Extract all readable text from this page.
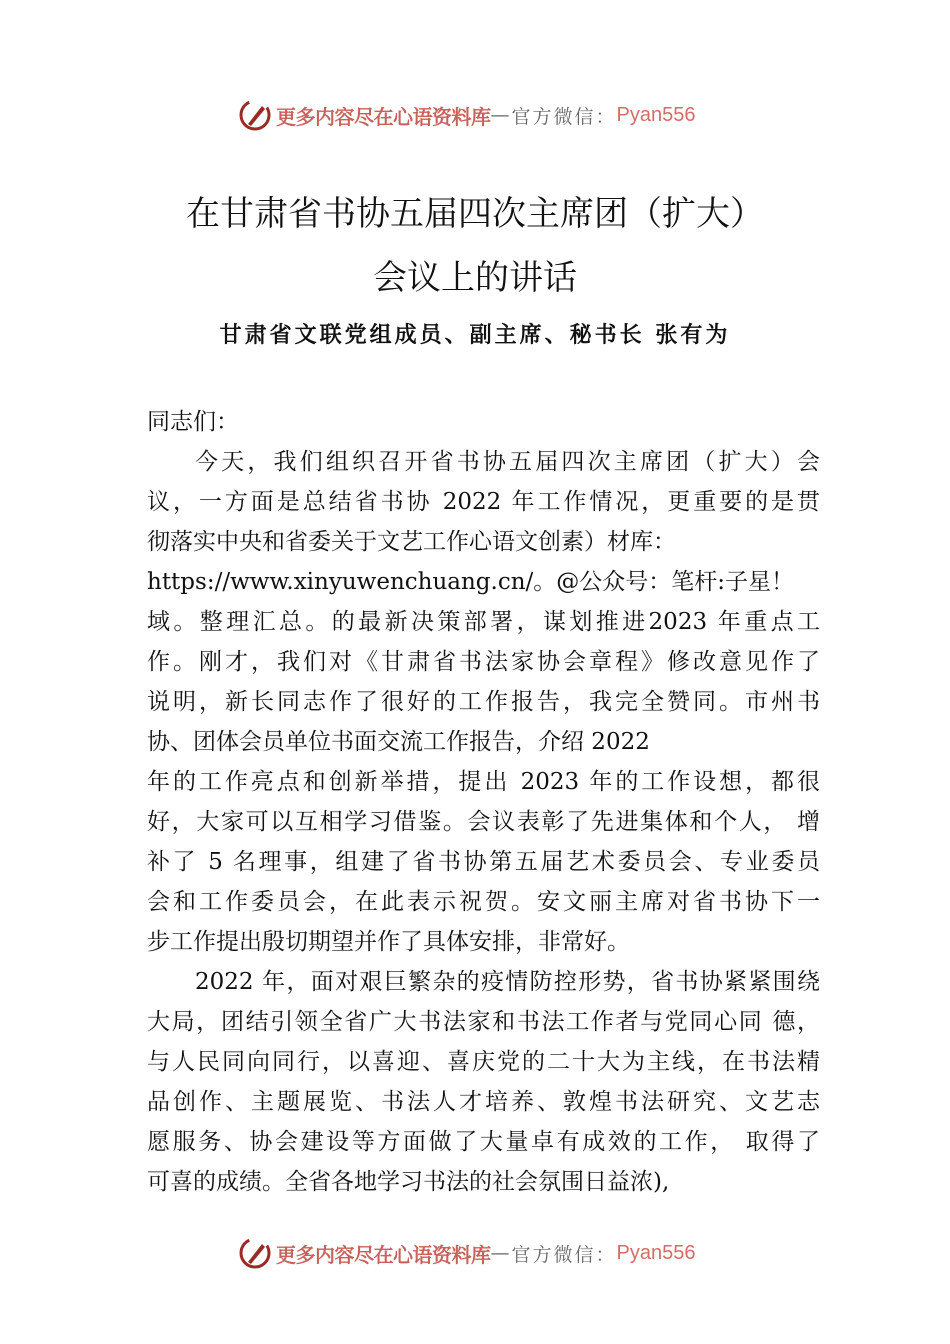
更多内容尽在心语资料库 — 官方微信： Pyan556
在甘肃省书协五届四次主席团（扩大）
会议上的讲话
甘肃省文联党组成员、副主席、秘书长 张有为
同志们：
今天，我们组织召开省书协五届四次主席团（扩大）会
议，一方面是总结省书协 2022 年工作情况，更重要的是贯
彻落实中央和省委关于文艺工作心语文创素）材库：
https://www.xinyuwenchuang.cn/。@公众号：笔杆:子星！
域。整理汇总。的最新决策部署，谋划推进2023 年重点工
作。刚才，我们对《甘肃省书法家协会章程》修改意见作了
说明，新长同志作了很好的工作报告，我完全赞同。市州书
协、团体会员单位书面交流工作报告，介绍 2022
年的工作亮点和创新举措，提出 2023 年的工作设想，都很
好，大家可以互相学习借鉴。会议表彰了先进集体和个人， 增
补了 5 名理事，组建了省书协第五届艺术委员会、专业委员
会和工作委员会，在此表示祝贺。安文丽主席对省书协下一
步工作提出殷切期望并作了具体安排，非常好。
2022 年，面对艰巨繁杂的疫情防控形势，省书协紧紧围绕
大局，团结引领全省广大书法家和书法工作者与党同心同 德，
与人民同向同行，以喜迎、喜庆党的二十大为主线，在书法精
品创作、主题展览、书法人才培养、敦煌书法研究、文艺志
愿服务、协会建设等方面做了大量卓有成效的工作， 取得了
可喜的成绩。全省各地学习书法的社会氛围日益浓),
更多内容尽在心语资料库 — 官方微信： Pyan556
